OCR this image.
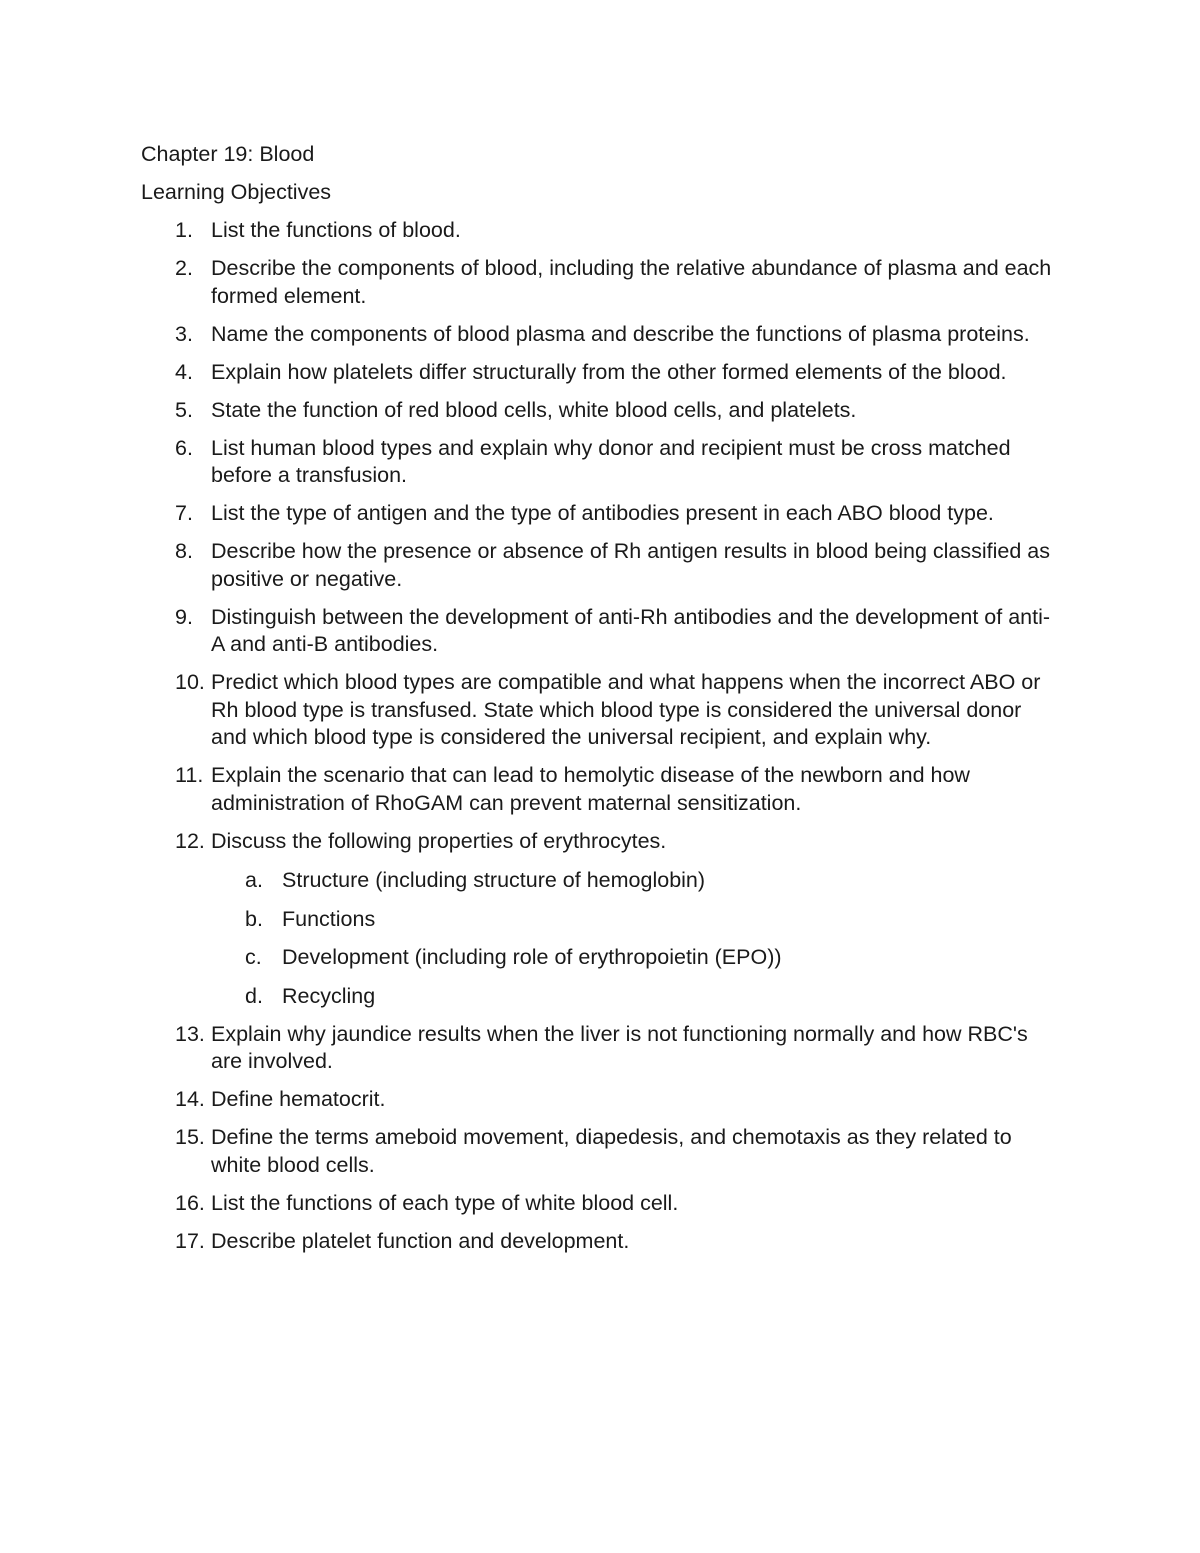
Chapter 19: Blood
Learning Objectives
1. List the functions of blood.
2. Describe the components of blood, including the relative abundance of plasma and each formed element.
3. Name the components of blood plasma and describe the functions of plasma proteins.
4. Explain how platelets differ structurally from the other formed elements of the blood.
5. State the function of red blood cells, white blood cells, and platelets.
6. List human blood types and explain why donor and recipient must be cross matched before a transfusion.
7. List the type of antigen and the type of antibodies present in each ABO blood type.
8. Describe how the presence or absence of Rh antigen results in blood being classified as positive or negative.
9. Distinguish between the development of anti-Rh antibodies and the development of anti-A and anti-B antibodies.
10. Predict which blood types are compatible and what happens when the incorrect ABO or Rh blood type is transfused. State which blood type is considered the universal donor and which blood type is considered the universal recipient, and explain why.
11. Explain the scenario that can lead to hemolytic disease of the newborn and how administration of RhoGAM can prevent maternal sensitization.
12. Discuss the following properties of erythrocytes.
a. Structure (including structure of hemoglobin)
b. Functions
c. Development (including role of erythropoietin (EPO))
d. Recycling
13. Explain why jaundice results when the liver is not functioning normally and how RBC's are involved.
14. Define hematocrit.
15. Define the terms ameboid movement, diapedesis, and chemotaxis as they related to white blood cells.
16. List the functions of each type of white blood cell.
17. Describe platelet function and development.
